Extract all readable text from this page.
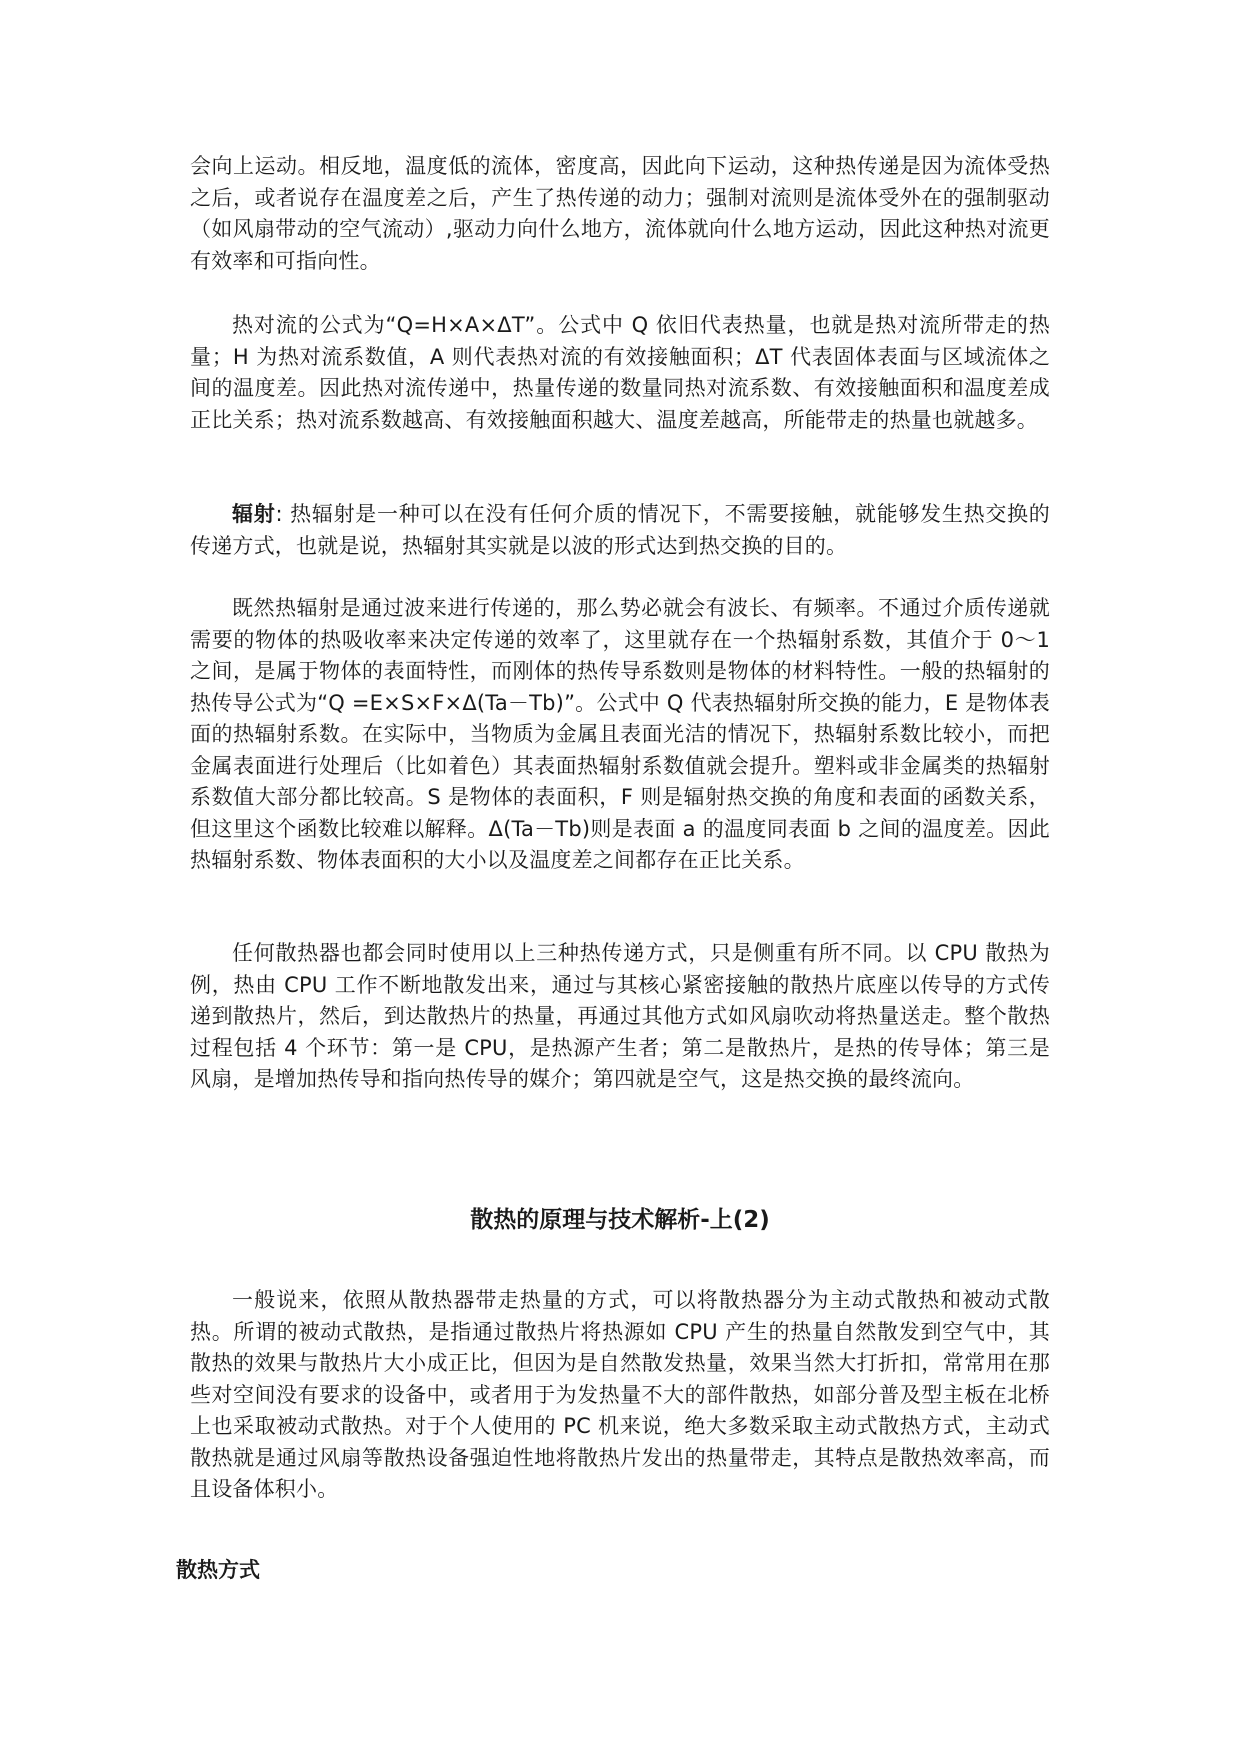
会向上运动。相反地，温度低的流体，密度高，因此向下运动，这种热传递是因为流体受热之后，或者说存在温度差之后，产生了热传递的动力；强制对流则是流体受外在的强制驱动（如风扇带动的空气流动）,驱动力向什么地方，流体就向什么地方运动，因此这种热对流更有效率和可指向性。

热对流的公式为“Q=H×A×ΔT”。公式中 Q 依旧代表热量，也就是热对流所带走的热量；H 为热对流系数值，A 则代表热对流的有效接触面积；ΔT 代表固体表面与区域流体之间的温度差。因此热对流传递中，热量传递的数量同热对流系数、有效接触面积和温度差成正比关系；热对流系数越高、有效接触面积越大、温度差越高，所能带走的热量也就越多。

辐射: 热辐射是一种可以在没有任何介质的情况下，不需要接触，就能够发生热交换的传递方式，也就是说，热辐射其实就是以波的形式达到热交换的目的。

既然热辐射是通过波来进行传递的，那么势必就会有波长、有频率。不通过介质传递就需要的物体的热吸收率来决定传递的效率了，这里就存在一个热辐射系数，其值介于 0～1 之间，是属于物体的表面特性，而刚体的热传导系数则是物体的材料特性。一般的热辐射的热传导公式为“Q =E×S×F×Δ(Ta－Tb)”。公式中 Q 代表热辐射所交换的能力，E 是物体表面的热辐射系数。在实际中，当物质为金属且表面光洁的情况下，热辐射系数比较小，而把金属表面进行处理后（比如着色）其表面热辐射系数值就会提升。塑料或非金属类的热辐射系数值大部分都比较高。S 是物体的表面积，F 则是辐射热交换的角度和表面的函数关系，但这里这个函数比较难以解释。Δ(Ta－Tb)则是表面 a 的温度同表面 b 之间的温度差。因此热辐射系数、物体表面积的大小以及温度差之间都存在正比关系。

任何散热器也都会同时使用以上三种热传递方式，只是侧重有所不同。以 CPU 散热为例，热由 CPU 工作不断地散发出来，通过与其核心紧密接触的散热片底座以传导的方式传递到散热片，然后，到达散热片的热量，再通过其他方式如风扇吹动将热量送走。整个散热过程包括 4 个环节：第一是 CPU，是热源产生者；第二是散热片，是热的传导体；第三是风扇，是增加热传导和指向热传导的媒介；第四就是空气，这是热交换的最终流向。

散热的原理与技术解析-上(2)

一般说来，依照从散热器带走热量的方式，可以将散热器分为主动式散热和被动式散热。所谓的被动式散热，是指通过散热片将热源如 CPU 产生的热量自然散发到空气中，其散热的效果与散热片大小成正比，但因为是自然散发热量，效果当然大打折扣，常常用在那些对空间没有要求的设备中，或者用于为发热量不大的部件散热，如部分普及型主板在北桥上也采取被动式散热。对于个人使用的 PC 机来说，绝大多数采取主动式散热方式，主动式散热就是通过风扇等散热设备强迫性地将散热片发出的热量带走，其特点是散热效率高，而且设备体积小。

散热方式
